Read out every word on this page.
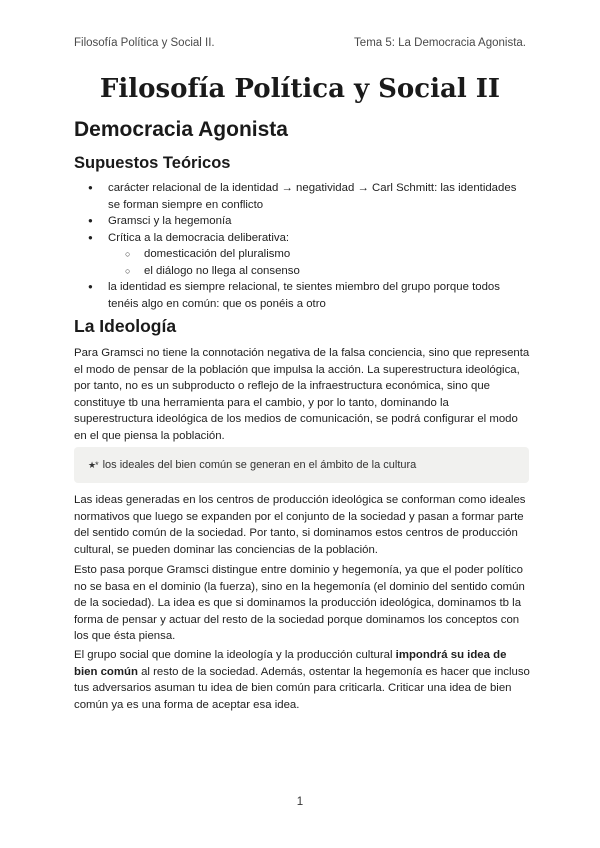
Filosofía Política y Social II.	Tema 5: La Democracia Agonista.
Filosofía Política y Social II
Democracia Agonista
Supuestos Teóricos
● carácter relacional de la identidad → negatividad → Carl Schmitt: las identidades se forman siempre en conflicto
● Gramsci y la hegemonía
● Crítica a la democracia deliberativa:
○ domesticación del pluralismo
○ el diálogo no llega al consenso
● la identidad es siempre relacional, te sientes miembro del grupo porque todos tenéis algo en común: que os ponéis a otro
La Ideología

Para Gramsci no tiene la connotación negativa de la falsa conciencia, sino que representa el modo de pensar de la población que impulsa la acción. La superestructura ideológica, por tanto, no es un subproducto o reflejo de la infraestructura económica, sino que constituye tb una herramienta para el cambio, y por lo tanto, dominando la superestructura ideológica de los medios de comunicación, se podrá configurar el modo en el que piensa la población.

★* los ideales del bien común se generan en el ámbito de la cultura

Las ideas generadas en los centros de producción ideológica se conforman como ideales normativos que luego se expanden por el conjunto de la sociedad y pasan a formar parte del sentido común de la sociedad. Por tanto, si dominamos estos centros de producción cultural, se pueden dominar las conciencias de la población.

Esto pasa porque Gramsci distingue entre dominio y hegemonía, ya que el poder político no se basa en el dominio (la fuerza), sino en la hegemonía (el dominio del sentido común de la sociedad). La idea es que si dominamos la producción ideológica, dominamos tb la forma de pensar y actuar del resto de la sociedad porque dominamos los conceptos con los que ésta piensa.

El grupo social que domine la ideología y la producción cultural impondrá su idea de bien común al resto de la sociedad. Además, ostentar la hegemonía es hacer que incluso tus adversarios asuman tu idea de bien común para criticarla. Criticar una idea de bien común ya es una forma de aceptar esa idea.

1
